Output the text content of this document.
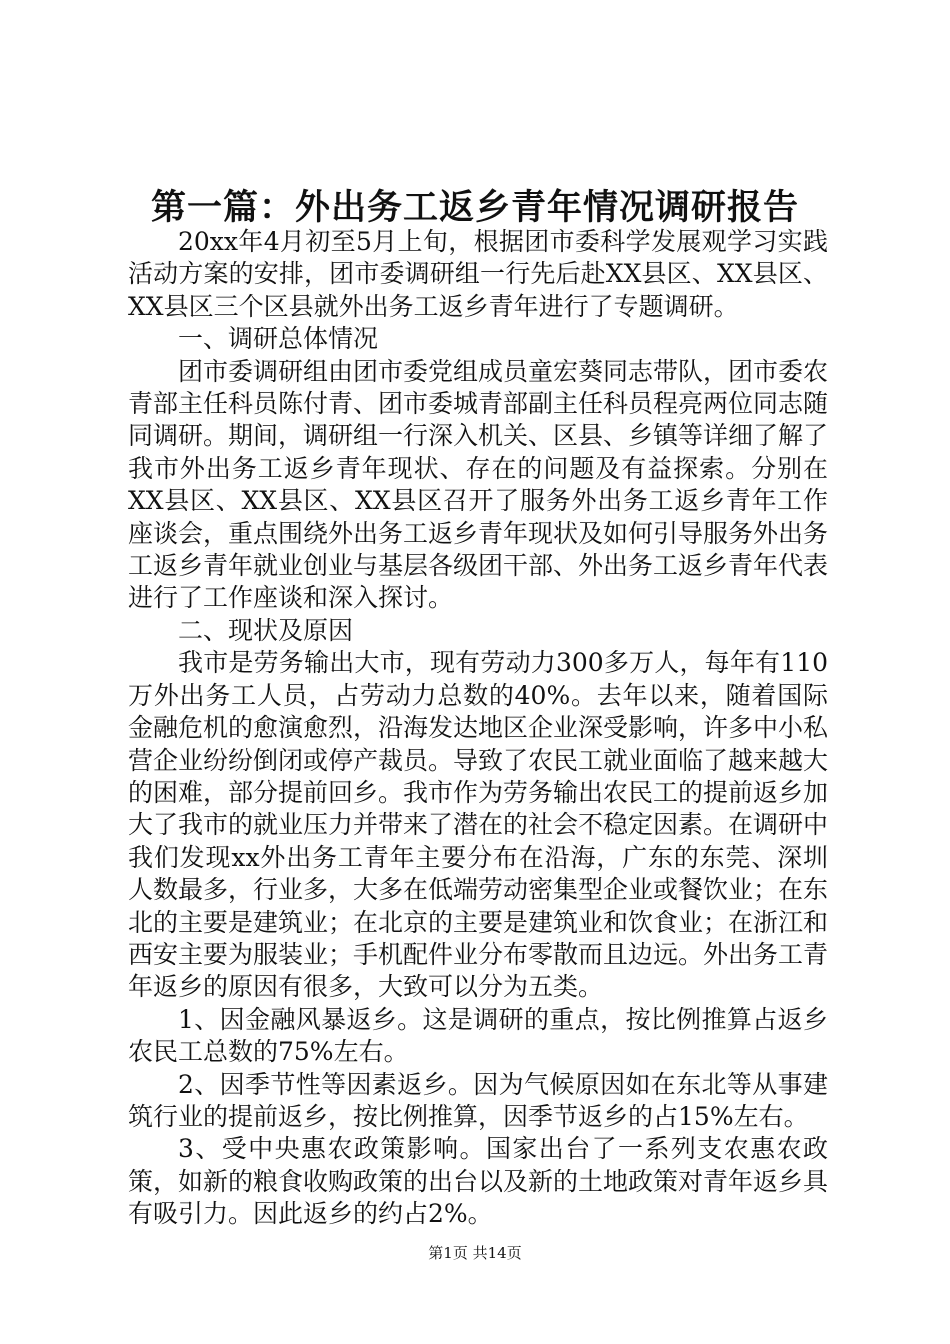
第一篇：外出务工返乡青年情况调研报告

20xx年4月初至5月上旬，根据团市委科学发展观学习实践活动方案的安排，团市委调研组一行先后赴XX县区、XX县区、XX县区三个区县就外出务工返乡青年进行了专题调研。

一、调研总体情况

团市委调研组由团市委党组成员童宏葵同志带队，团市委农青部主任科员陈付青、团市委城青部副主任科员程亮两位同志随同调研。期间，调研组一行深入机关、区县、乡镇等详细了解了我市外出务工返乡青年现状、存在的问题及有益探索。分别在XX县区、XX县区、XX县区召开了服务外出务工返乡青年工作座谈会，重点围绕外出务工返乡青年现状及如何引导服务外出务工返乡青年就业创业与基层各级团干部、外出务工返乡青年代表进行了工作座谈和深入探讨。

二、现状及原因

我市是劳务输出大市，现有劳动力300多万人，每年有110万外出务工人员，占劳动力总数的40%。去年以来，随着国际金融危机的愈演愈烈，沿海发达地区企业深受影响，许多中小私营企业纷纷倒闭或停产裁员。导致了农民工就业面临了越来越大的困难，部分提前回乡。我市作为劳务输出农民工的提前返乡加大了我市的就业压力并带来了潜在的社会不稳定因素。在调研中我们发现xx外出务工青年主要分布在沿海，广东的东莞、深圳人数最多，行业多，大多在低端劳动密集型企业或餐饮业；在东北的主要是建筑业；在北京的主要是建筑业和饮食业；在浙江和西安主要为服装业；手机配件业分布零散而且边远。外出务工青年返乡的原因有很多，大致可以分为五类。

1、因金融风暴返乡。这是调研的重点，按比例推算占返乡农民工总数的75%左右。

2、因季节性等因素返乡。因为气候原因如在东北等从事建筑行业的提前返乡，按比例推算，因季节返乡的占15%左右。

3、受中央惠农政策影响。国家出台了一系列支农惠农政策，如新的粮食收购政策的出台以及新的土地政策对青年返乡具有吸引力。因此返乡的约占2%。

第1页 共14页
